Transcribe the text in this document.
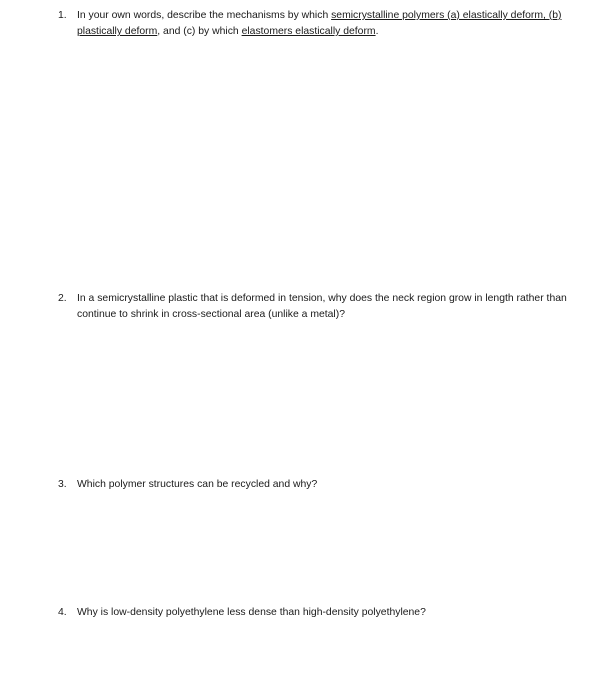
1. In your own words, describe the mechanisms by which semicrystalline polymers (a) elastically deform, (b) plastically deform, and (c) by which elastomers elastically deform.
2. In a semicrystalline plastic that is deformed in tension, why does the neck region grow in length rather than continue to shrink in cross-sectional area (unlike a metal)?
3. Which polymer structures can be recycled and why?
4. Why is low-density polyethylene less dense than high-density polyethylene?
